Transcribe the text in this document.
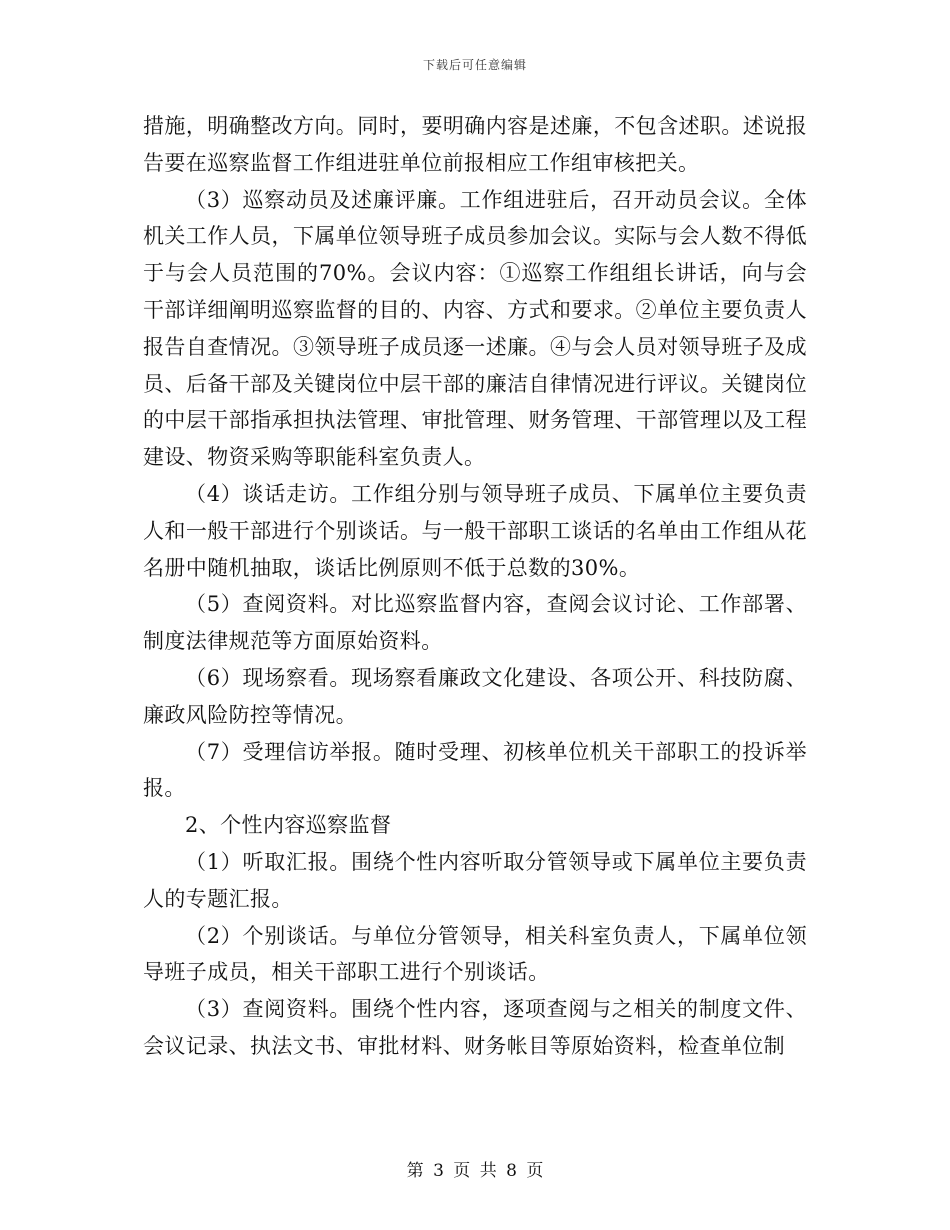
下载后可任意编辑

措施，明确整改方向。同时，要明确内容是述廉，不包含述职。述说报告要在巡察监督工作组进驻单位前报相应工作组审核把关。

（3）巡察动员及述廉评廉。工作组进驻后，召开动员会议。全体机关工作人员，下属单位领导班子成员参加会议。实际与会人数不得低于与会人员范围的70%。会议内容：①巡察工作组组长讲话，向与会干部详细阐明巡察监督的目的、内容、方式和要求。②单位主要负责人报告自查情况。③领导班子成员逐一述廉。④与会人员对领导班子及成员、后备干部及关键岗位中层干部的廉洁自律情况进行评议。关键岗位的中层干部指承担执法管理、审批管理、财务管理、干部管理以及工程建设、物资采购等职能科室负责人。

（4）谈话走访。工作组分别与领导班子成员、下属单位主要负责人和一般干部进行个别谈话。与一般干部职工谈话的名单由工作组从花名册中随机抽取，谈话比例原则不低于总数的30%。

（5）查阅资料。对比巡察监督内容，查阅会议讨论、工作部署、制度法律规范等方面原始资料。

（6）现场察看。现场察看廉政文化建设、各项公开、科技防腐、廉政风险防控等情况。

（7）受理信访举报。随时受理、初核单位机关干部职工的投诉举报。

2、个性内容巡察监督

（1）听取汇报。围绕个性内容听取分管领导或下属单位主要负责人的专题汇报。

（2）个别谈话。与单位分管领导，相关科室负责人，下属单位领导班子成员，相关干部职工进行个别谈话。

（3）查阅资料。围绕个性内容，逐项查阅与之相关的制度文件、会议记录、执法文书、审批材料、财务帐目等原始资料，检查单位制

第 3 页 共 8 页
